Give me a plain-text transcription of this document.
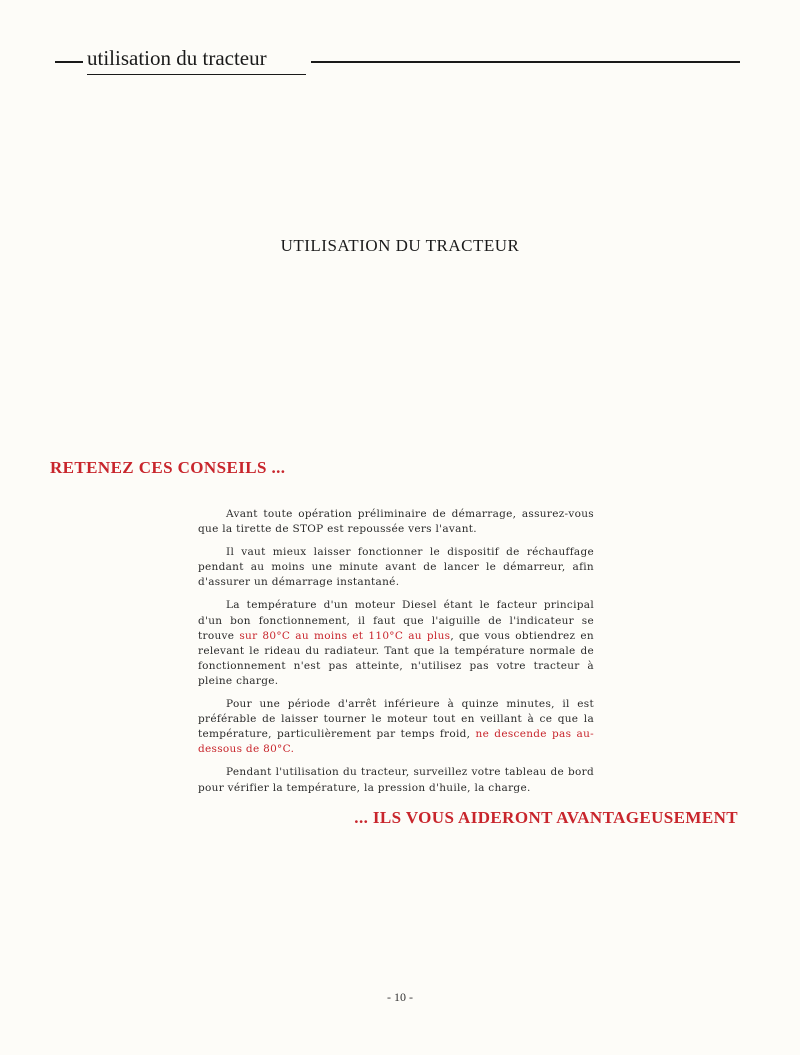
utilisation du tracteur
UTILISATION DU TRACTEUR
RETENEZ CES CONSEILS ...

Avant toute opération préliminaire de démarrage, assurez-vous que la tirette de STOP est repoussée vers l'avant.

Il vaut mieux laisser fonctionner le dispositif de réchauffage pendant au moins une minute avant de lancer le démarreur, afin d'assurer un démarrage instantané.

La température d'un moteur Diesel étant le facteur principal d'un bon fonctionnement, il faut que l'aiguille de l'indicateur se trouve sur 80°C au moins et 110°C au plus, que vous obtiendrez en relevant le rideau du radiateur. Tant que la température normale de fonctionnement n'est pas atteinte, n'utilisez pas votre tracteur à pleine charge.

Pour une période d'arrêt inférieure à quinze minutes, il est préférable de laisser tourner le moteur tout en veillant à ce que la température, particulièrement par temps froid, ne descende pas au-dessous de 80°C.

Pendant l'utilisation du tracteur, surveillez votre tableau de bord pour vérifier la température, la pression d'huile, la charge.

... ILS VOUS AIDERONT AVANTAGEUSEMENT
- 10 -
